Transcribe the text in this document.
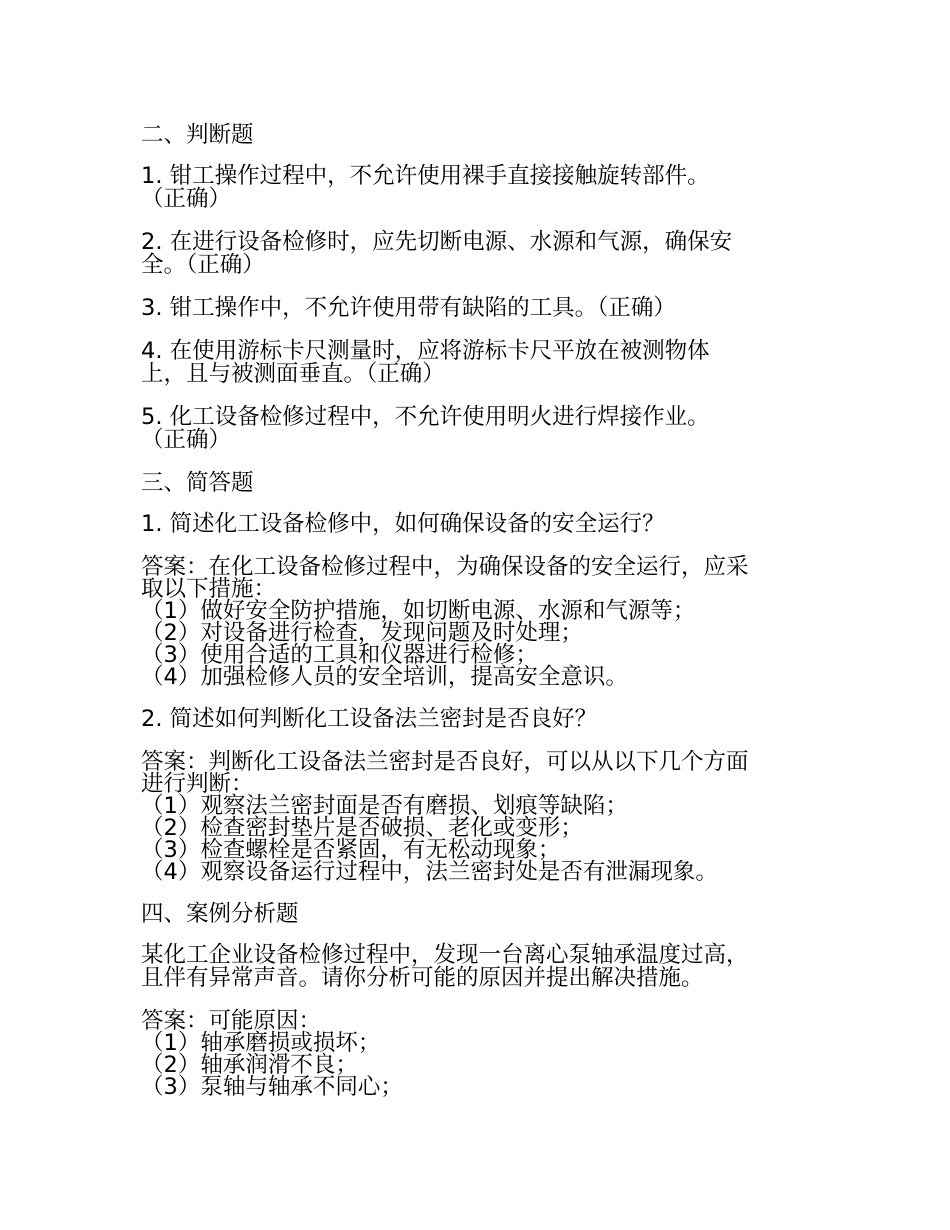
二、判断题
1. 钳工操作过程中，不允许使用裸手直接接触旋转部件。
（正确）
2. 在进行设备检修时，应先切断电源、水源和气源，确保安
全。（正确）
3. 钳工操作中，不允许使用带有缺陷的工具。（正确）
4. 在使用游标卡尺测量时，应将游标卡尺平放在被测物体
上，且与被测面垂直。（正确）
5. 化工设备检修过程中，不允许使用明火进行焊接作业。
（正确）
三、简答题
1. 简述化工设备检修中，如何确保设备的安全运行？
答案：在化工设备检修过程中，为确保设备的安全运行，应采
取以下措施：
（1）做好安全防护措施，如切断电源、水源和气源等；
（2）对设备进行检查，发现问题及时处理；
（3）使用合适的工具和仪器进行检修；
（4）加强检修人员的安全培训，提高安全意识。
2. 简述如何判断化工设备法兰密封是否良好？
答案：判断化工设备法兰密封是否良好，可以从以下几个方面
进行判断：
（1）观察法兰密封面是否有磨损、划痕等缺陷；
（2）检查密封垫片是否破损、老化或变形；
（3）检查螺栓是否紧固，有无松动现象；
（4）观察设备运行过程中，法兰密封处是否有泄漏现象。
四、案例分析题
某化工企业设备检修过程中，发现一台离心泵轴承温度过高，
且伴有异常声音。请你分析可能的原因并提出解决措施。
答案：可能原因：
（1）轴承磨损或损坏；
（2）轴承润滑不良；
（3）泵轴与轴承不同心；
